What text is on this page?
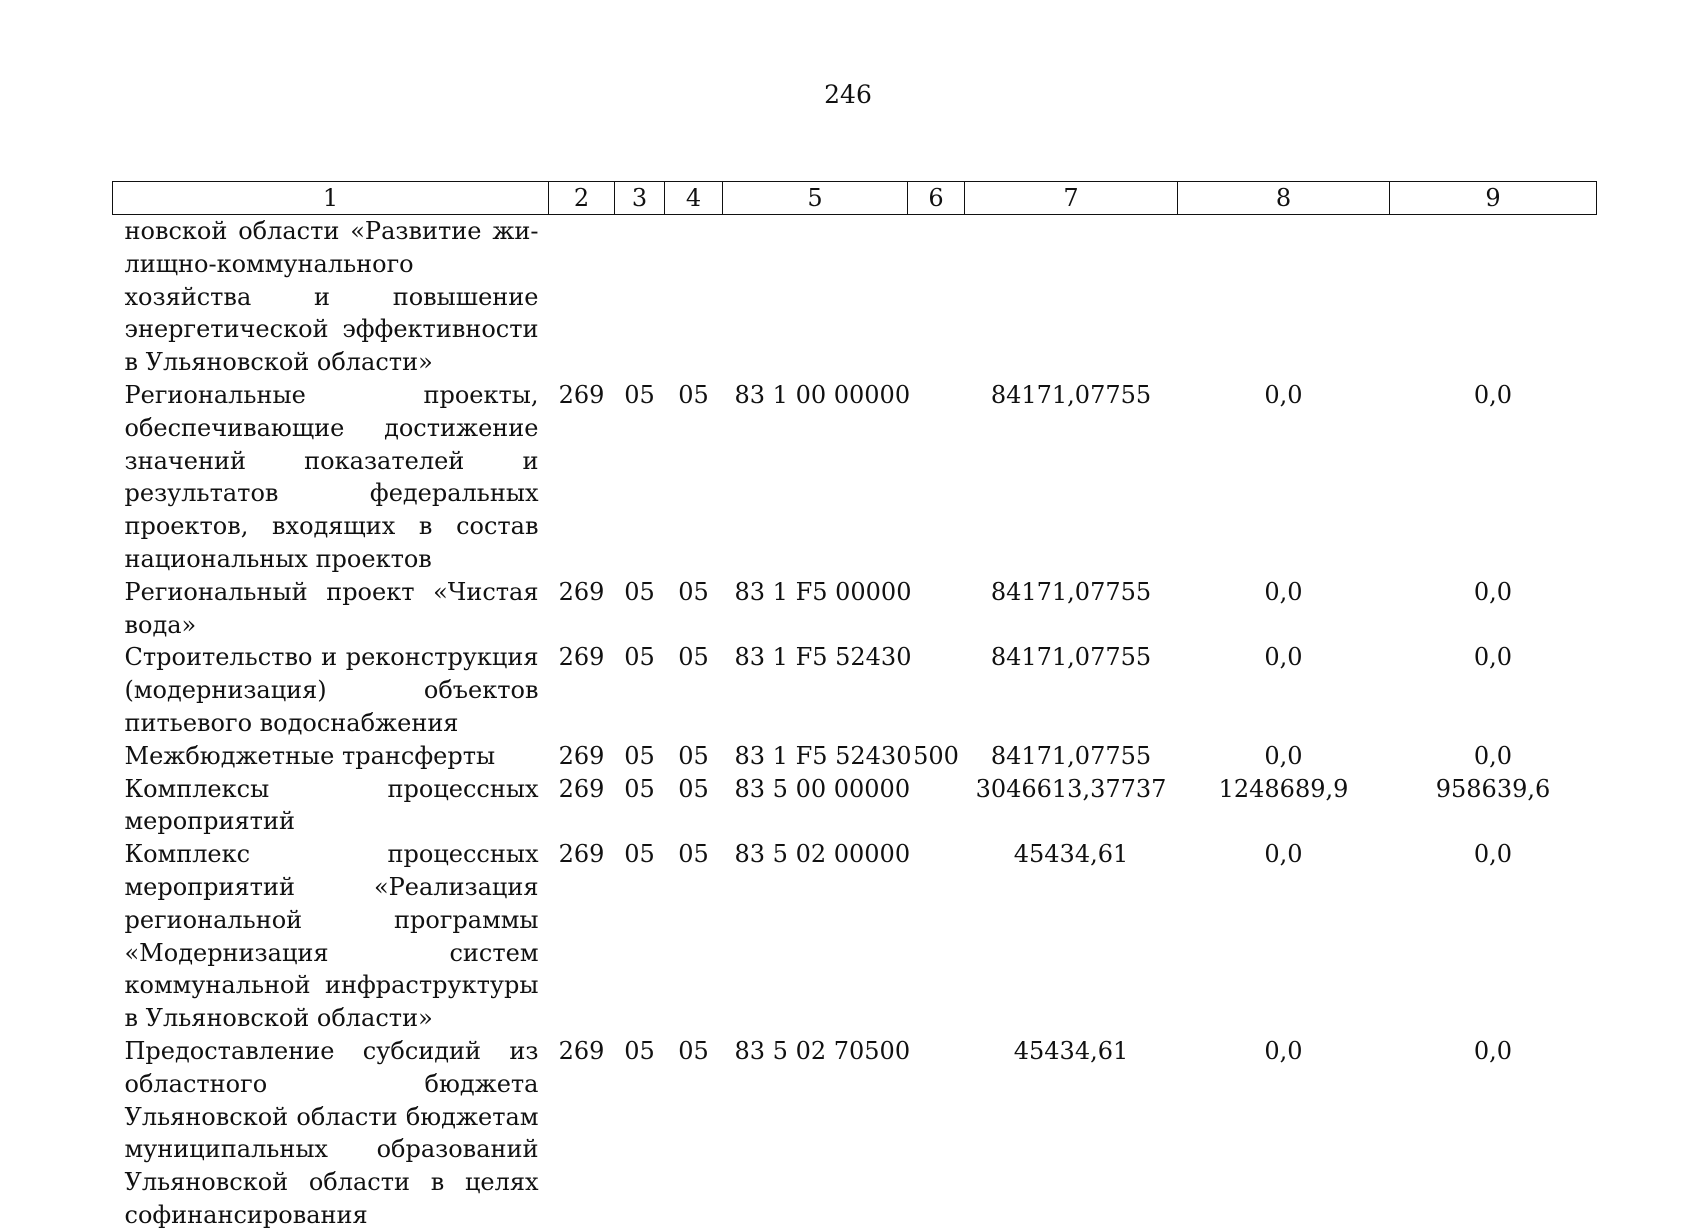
246
1	2	3	4	5	6	7	8	9
новской области «Развитие жилищно-коммунального хозяйства и повышение энергетической эффективности в Ульяновской области»								
Региональные проекты, обеспечивающие достижение значений показателей и результатов федеральных проектов, входящих в состав национальных проектов	269	05	05	83 1 00 00000		84171,07755	0,0	0,0
Региональный проект «Чистая вода»	269	05	05	83 1 F5 00000		84171,07755	0,0	0,0
Строительство и реконструкция (модернизация) объектов питьевого водоснабжения	269	05	05	83 1 F5 52430		84171,07755	0,0	0,0
Межбюджетные трансферты	269	05	05	83 1 F5 52430	500	84171,07755	0,0	0,0
Комплексы процессных мероприятий	269	05	05	83 5 00 00000		3046613,37737	1248689,9	958639,6
Комплекс процессных мероприятий «Реализация региональной программы «Модернизация систем коммунальной инфраструктуры в Ульяновской области»	269	05	05	83 5 02 00000		45434,61	0,0	0,0
Предоставление субсидий из областного бюджета Ульяновской области бюджетам муниципальных образований Ульяновской области в целях софинансирования	269	05	05	83 5 02 70500		45434,61	0,0	0,0
